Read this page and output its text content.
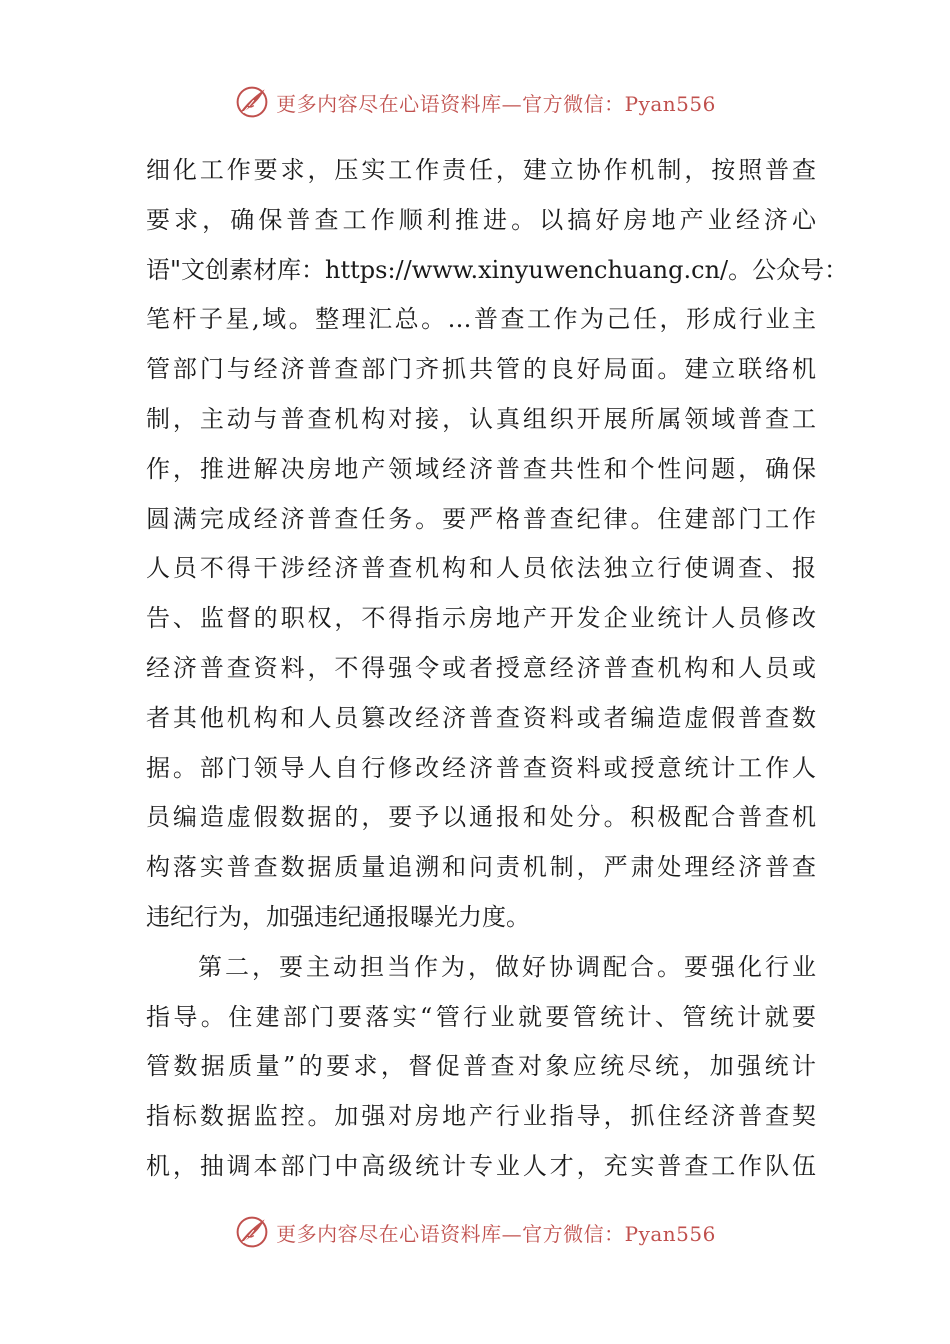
更多内容尽在心语资料库—官方微信：Pyan556
细化工作要求，压实工作责任，建立协作机制，按照普查
要求，确保普查工作顺利推进。以搞好房地产业经济心
语"文创素材库：https://www.xinyuwenchuang.cn/。公众号：
笔杆子星,域。整理汇总。…普查工作为己任，形成行业主
管部门与经济普查部门齐抓共管的良好局面。建立联络机
制，主动与普查机构对接，认真组织开展所属领域普查工
作，推进解决房地产领域经济普查共性和个性问题，确保
圆满完成经济普查任务。要严格普查纪律。住建部门工作
人员不得干涉经济普查机构和人员依法独立行使调查、报
告、监督的职权，不得指示房地产开发企业统计人员修改
经济普查资料，不得强令或者授意经济普查机构和人员或
者其他机构和人员篡改经济普查资料或者编造虚假普查数
据。部门领导人自行修改经济普查资料或授意统计工作人
员编造虚假数据的，要予以通报和处分。积极配合普查机
构落实普查数据质量追溯和问责机制，严肃处理经济普查
违纪行为，加强违纪通报曝光力度。
第二，要主动担当作为，做好协调配合。要强化行业
指导。住建部门要落实“管行业就要管统计、管统计就要
管数据质量”的要求，督促普查对象应统尽统，加强统计
指标数据监控。加强对房地产行业指导，抓住经济普查契
机，抽调本部门中高级统计专业人才，充实普查工作队伍
更多内容尽在心语资料库—官方微信：Pyan556
